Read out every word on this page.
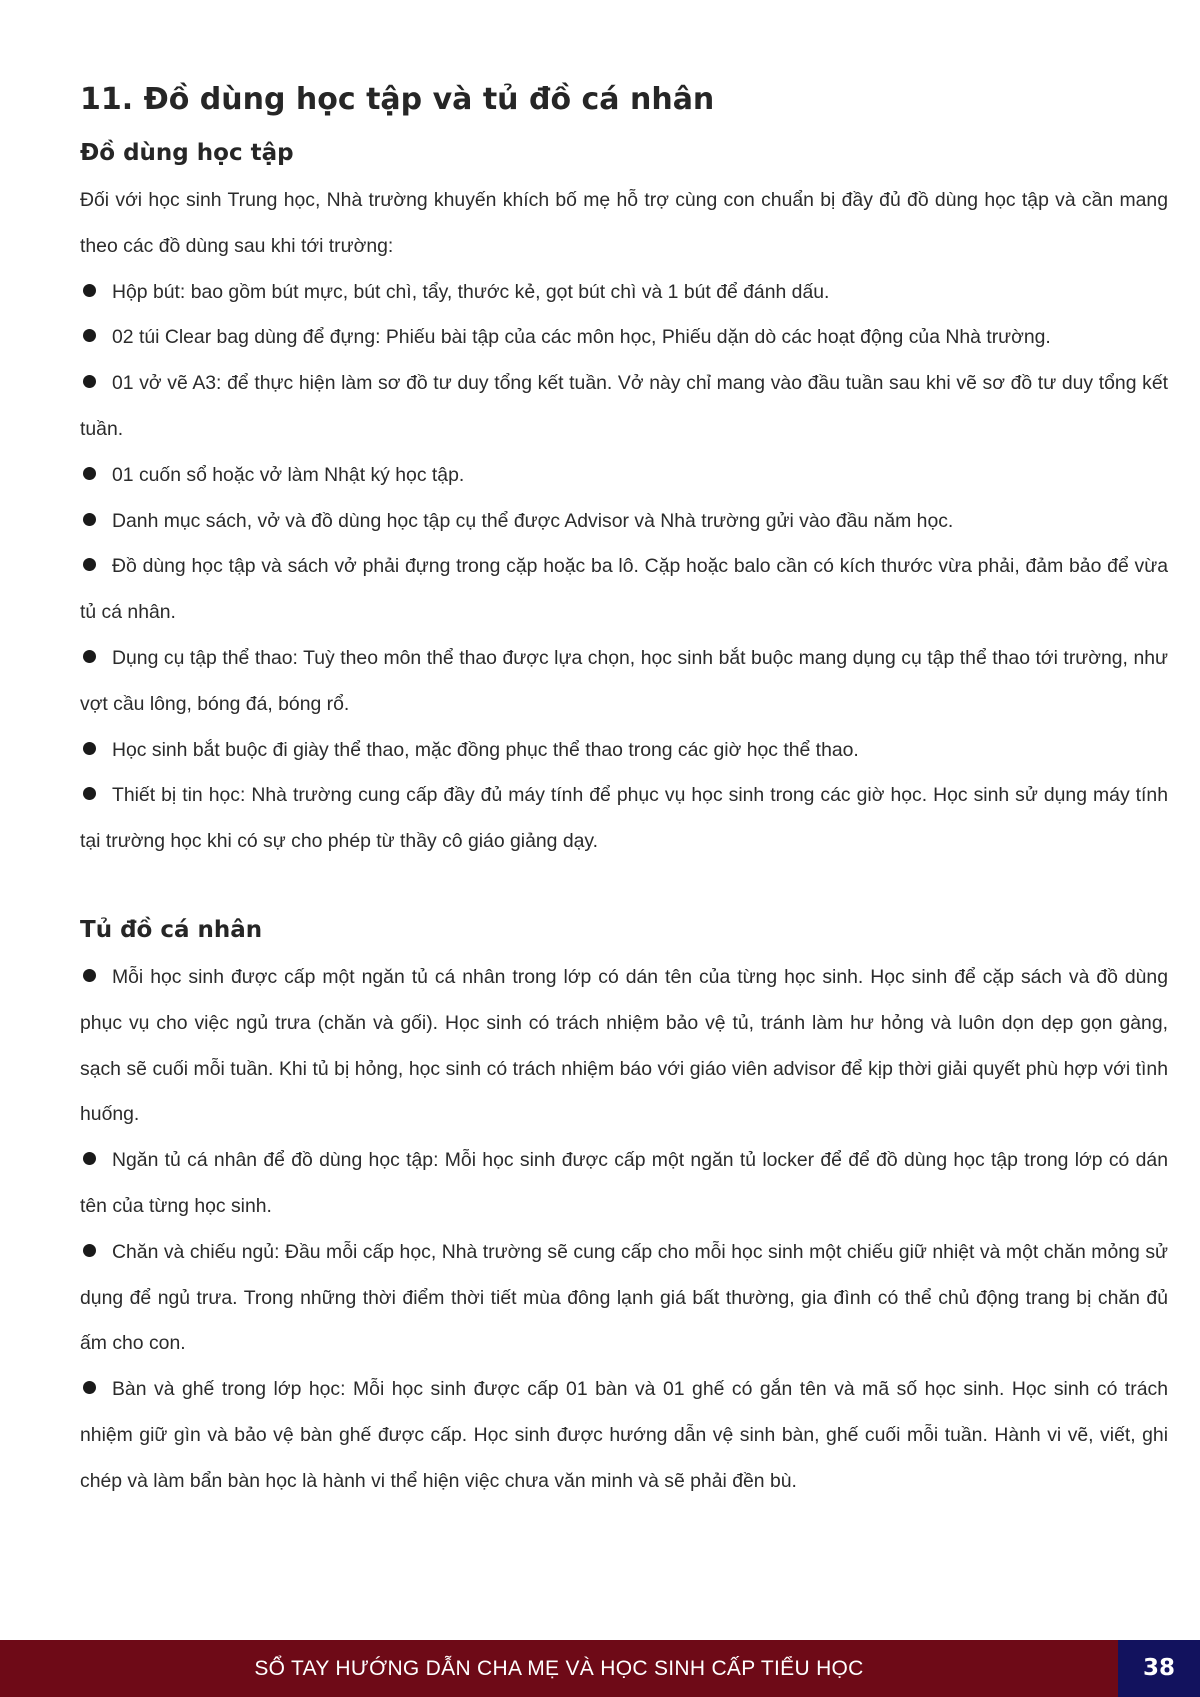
11. Đồ dùng học tập và tủ đồ cá nhân
Đồ dùng học tập

Đối với học sinh Trung học, Nhà trường khuyến khích bố mẹ hỗ trợ cùng con chuẩn bị đầy đủ đồ dùng học tập và cần mang theo các đồ dùng sau khi tới trường:

Hộp bút: bao gồm bút mực, bút chì, tẩy, thước kẻ, gọt bút chì và 1 bút để đánh dấu.
02 túi Clear bag dùng để đựng: Phiếu bài tập của các môn học, Phiếu dặn dò các hoạt động của Nhà trường.
01 vở vẽ A3: để thực hiện làm sơ đồ tư duy tổng kết tuần. Vở này chỉ mang vào đầu tuần sau khi vẽ sơ đồ tư duy tổng kết tuần.
01 cuốn sổ hoặc vở làm Nhật ký học tập.
Danh mục sách, vở và đồ dùng học tập cụ thể được Advisor và Nhà trường gửi vào đầu năm học.
Đồ dùng học tập và sách vở phải đựng trong cặp hoặc ba lô. Cặp hoặc balo cần có kích thước vừa phải, đảm bảo để vừa tủ cá nhân.
Dụng cụ tập thể thao: Tuỳ theo môn thể thao được lựa chọn, học sinh bắt buộc mang dụng cụ tập thể thao tới trường, như vợt cầu lông, bóng đá, bóng rổ.
Học sinh bắt buộc đi giày thể thao, mặc đồng phục thể thao trong các giờ học thể thao.
Thiết bị tin học: Nhà trường cung cấp đầy đủ máy tính để phục vụ học sinh trong các giờ học. Học sinh sử dụng máy tính tại trường học khi có sự cho phép từ thầy cô giáo giảng dạy.
Tủ đồ cá nhân
Mỗi học sinh được cấp một ngăn tủ cá nhân trong lớp có dán tên của từng học sinh. Học sinh để cặp sách và đồ dùng phục vụ cho việc ngủ trưa (chăn và gối). Học sinh có trách nhiệm bảo vệ tủ, tránh làm hư hỏng và luôn dọn dẹp gọn gàng, sạch sẽ cuối mỗi tuần. Khi tủ bị hỏng, học sinh có trách nhiệm báo với giáo viên advisor để kịp thời giải quyết phù hợp với tình huống.
Ngăn tủ cá nhân để đồ dùng học tập: Mỗi học sinh được cấp một ngăn tủ locker để để đồ dùng học tập trong lớp có dán tên của từng học sinh.
Chăn và chiếu ngủ: Đầu mỗi cấp học, Nhà trường sẽ cung cấp cho mỗi học sinh một chiếu giữ nhiệt và một chăn mỏng sử dụng để ngủ trưa. Trong những thời điểm thời tiết mùa đông lạnh giá bất thường, gia đình có thể chủ động trang bị chăn đủ ấm cho con.
Bàn và ghế trong lớp học: Mỗi học sinh được cấp 01 bàn và 01 ghế có gắn tên và mã số học sinh. Học sinh có trách nhiệm giữ gìn và bảo vệ bàn ghế được cấp. Học sinh được hướng dẫn vệ sinh bàn, ghế cuối mỗi tuần. Hành vi vẽ, viết, ghi chép và làm bẩn bàn học là hành vi thể hiện việc chưa văn minh và sẽ phải đền bù.
SỔ TAY HƯỚNG DẪN CHA MẸ VÀ HỌC SINH CẤP TIỂU HỌC	38
